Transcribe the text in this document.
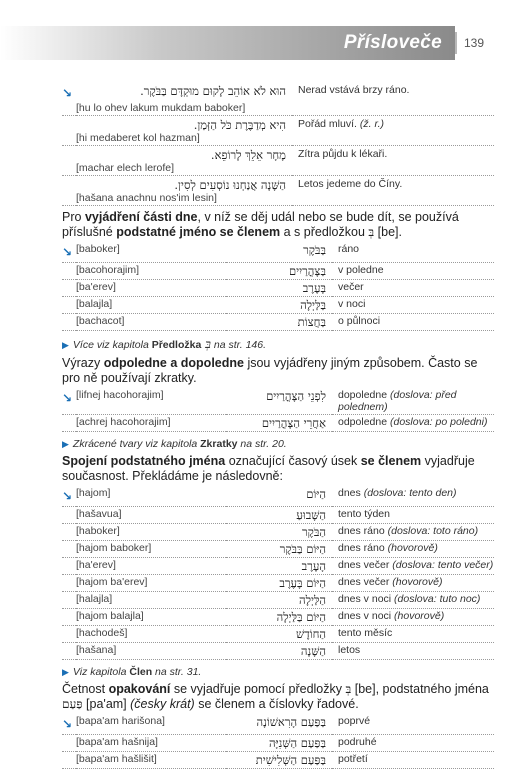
Přísloveče 139
↘	הוּא לֹא אוֹהֵב לָקוּם מוּקְדָּם בַּבֹּקֶר.	Nerad vstává brzy ráno.
	[hu lo ohev lakum mukdam baboker]	
	הִיא מְדַבֶּרֶת כֹּל הַזְּמַן.	Pořád mluví. (ž. r.)
	[hi medaberet kol hazman]	
	מָחָר אֵלֵךְ לָרוֹפֵא.	Zítra půjdu k lékaři.
	[machar elech lerofe]	
	הַשָּׁנָה אֲנַחְנוּ נוֹסְעִים לְסִין.	Letos jedeme do Číny.
	[hašana anachnu nos'im lesin]	

Pro vyjádření části dne, v níž se děj udál nebo se bude dít, se používá příslušné podstatné jméno se členem a s předložkou בְּ [be].

↘	[baboker]	בַּבֹּקֶר	ráno
	[bacohorajim]	בַּצָּהֳרַיִים	v poledne
	[ba'erev]	בָּעֶרֶב	večer
	[balajla]	בַּלַּיְלָה	v noci
	[bachacot]	בַּחֲצוֹת	o půlnoci
▶ Více viz kapitola Předložka בְּ na str. 146.

Výrazy odpoledne a dopoledne jsou vyjádřeny jiným způsobem. Často se pro ně používají zkratky.

↘	[lifnej hacohorajim]	לִפְנֵי הַצָּהֳרַיִים	dopoledne (doslova: před polednem)
	[achrej hacohorajim]	אַחֲרֵי הַצָּהֳרַיִים	odpoledne (doslova: po poledni)
▶ Zkrácené tvary viz kapitola Zkratky na str. 20.

Spojení podstatného jména označující časový úsek se členem vyjadřuje současnost. Překládáme je následovně:

↘	[hajom]	הַיּוֹם	dnes (doslova: tento den)
	[hašavua]	הַשָּׁבוּעַ	tento týden
	[haboker]	הַבֹּקֶר	dnes ráno (doslova: toto ráno)
	[hajom baboker]	הַיּוֹם בַּבֹּקֶר	dnes ráno (hovorově)
	[ha'erev]	הָעֶרֶב	dnes večer (doslova: tento večer)
	[hajom ba'erev]	הַיּוֹם בָּעֶרֶב	dnes večer (hovorově)
	[halajla]	הַלַּיְלָה	dnes v noci (doslova: tuto noc)
	[hajom balajla]	הַיּוֹם בַּלַּיְלָה	dnes v noci (hovorově)
	[hachodeš]	הַחוֹדֶשׁ	tento měsíc
	[hašana]	הַשָּׁנָה	letos
▶ Viz kapitola Člen na str. 31.

Četnost opakování se vyjadřuje pomocí předložky בְּ [be], podstatného jména פַּעַם [pa'am] (česky krát) se členem a číslovky řadové.

↘	[bapa'am harišona]	בַּפַּעַם הָרִאשׁוֹנָה	poprvé
	[bapa'am hašnija]	בַּפַּעַם הַשְּׁנִיָּה	podruhé
	[bapa'am hašlišit]	בַּפַּעַם הַשְּׁלִישִׁית	potřetí
